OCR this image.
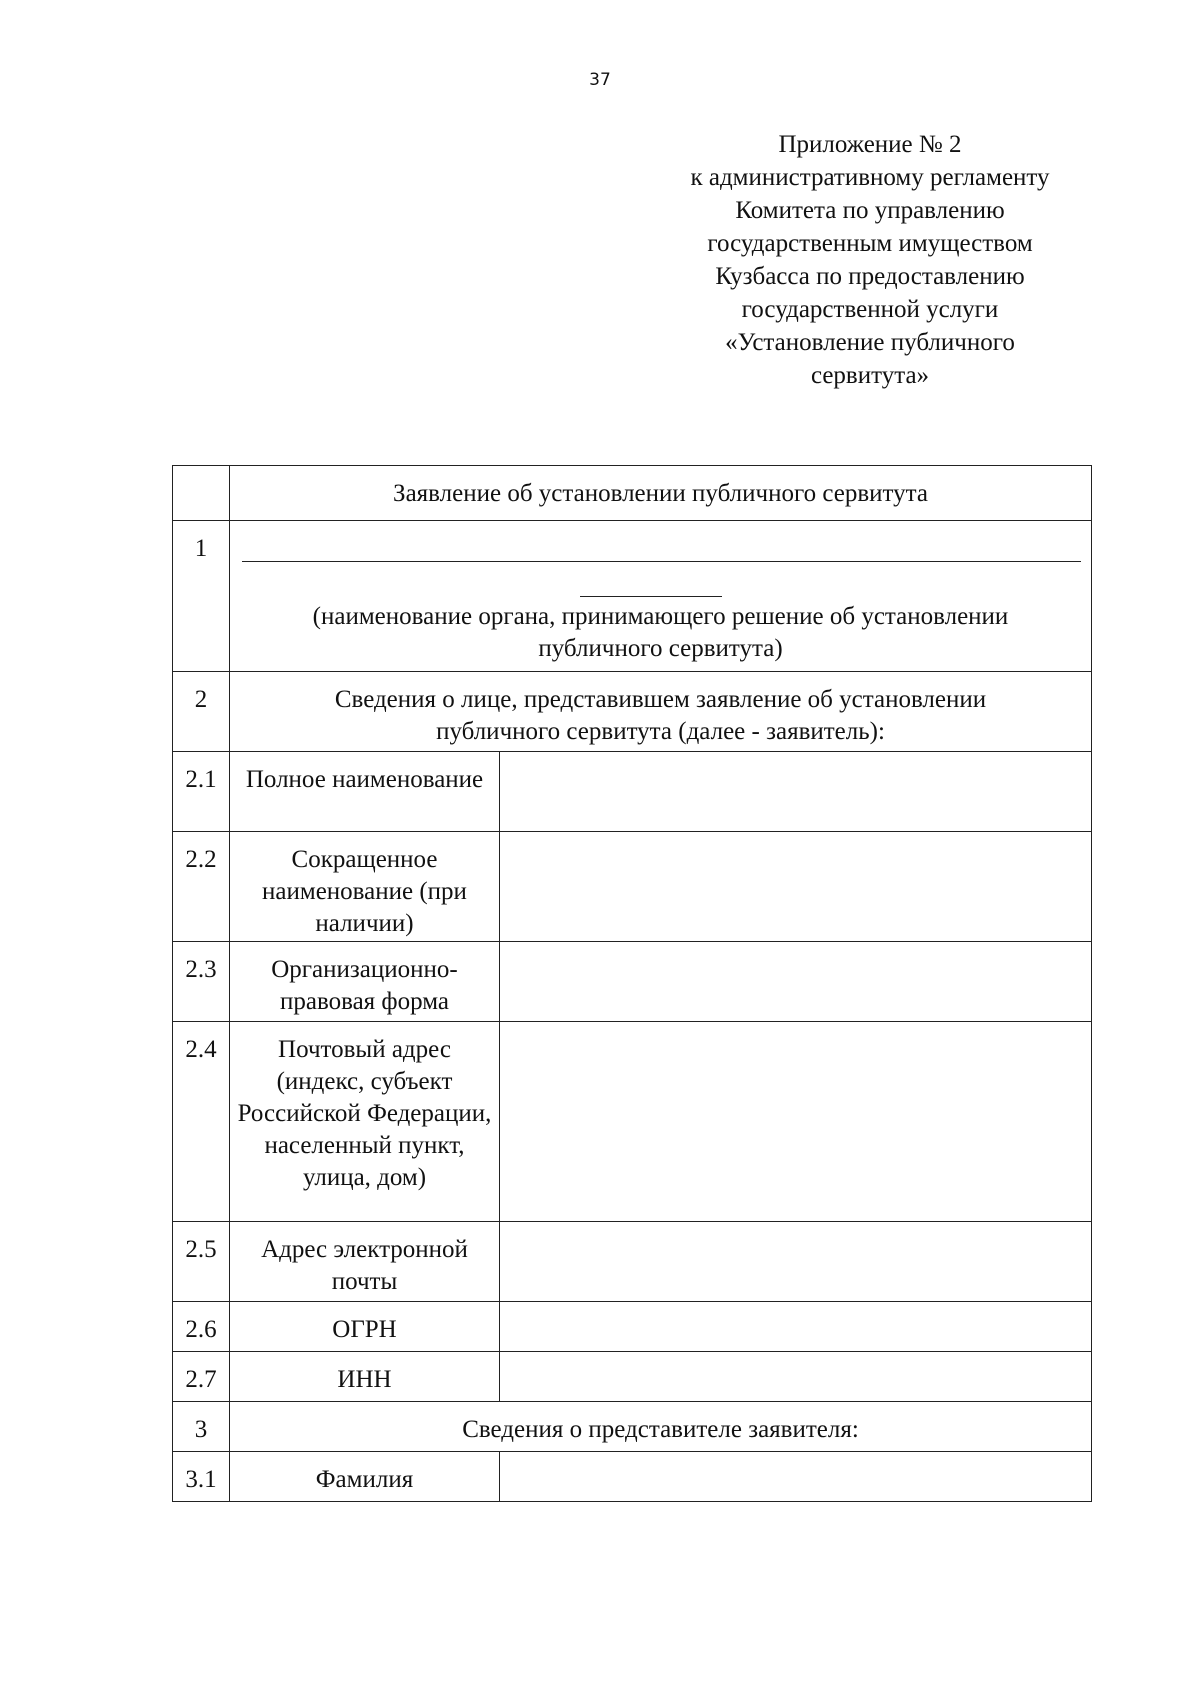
37
Приложение № 2
к административному регламенту
Комитета по управлению
государственным имуществом
Кузбасса по предоставлению
государственной услуги
«Установление публичного
сервитута»
	Заявление об установлении публичного сервитута	
1	(наименование органа, принимающего решение об установлении
публичного сервитута)	

2	Сведения о лице, представившем заявление об установлении
публичного сервитута (далее - заявитель):	

2.1	Полное наименование	
2.2	Сокращенное наименование (при наличии)	
2.3	Организационно-правовая форма	
2.4	Почтовый адрес (индекс, субъект Российской Федерации, населенный пункт, улица, дом)	
2.5	Адрес электронной почты	
2.6	ОГРН	
2.7	ИНН	
3	Сведения о представителе заявителя:	
3.1	Фамилия	
